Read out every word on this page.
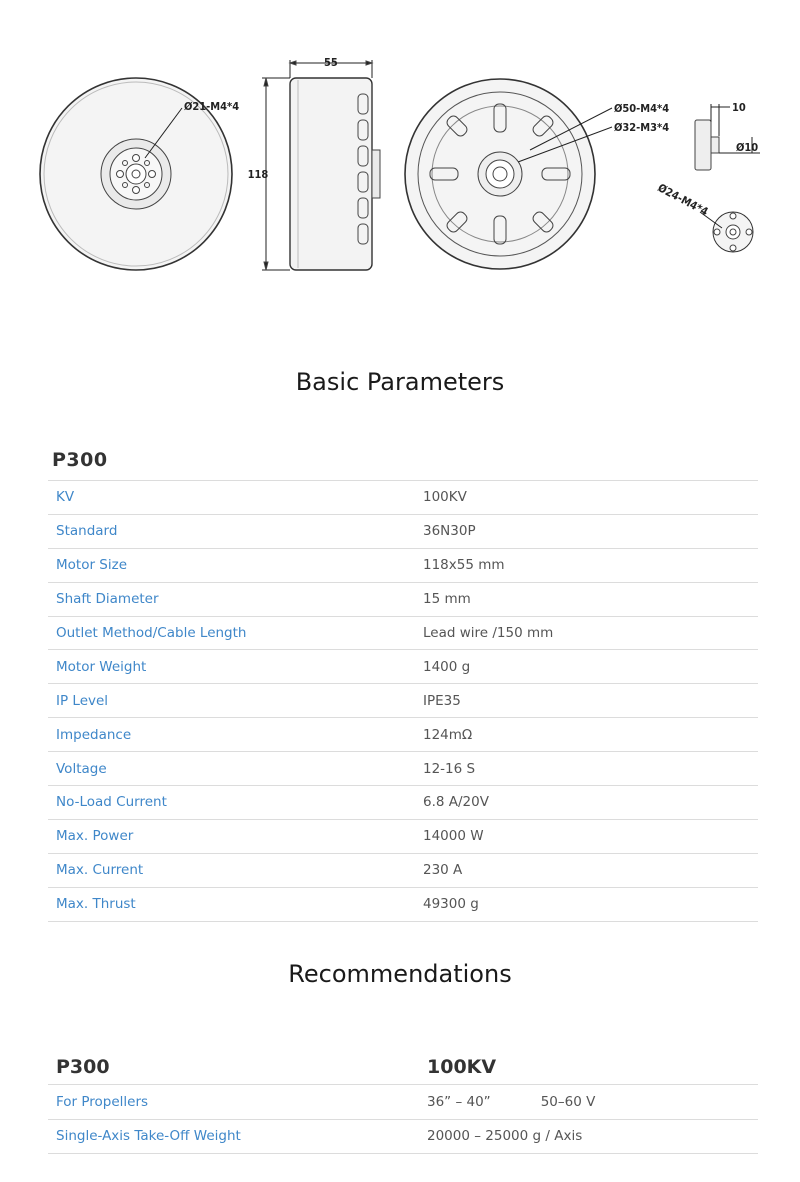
Ø21-M4*4
55
118
Ø50-M4*4
Ø32-M3*4
10
Ø10
Ø24-M4*4
Basic Parameters
P300
KV	100KV
Standard	36N30P
Motor Size	118x55 mm
Shaft Diameter	15 mm
Outlet Method/Cable Length	Lead wire /150 mm
Motor Weight	1400 g
IP Level	IPE35
Impedance	124mΩ
Voltage	12-16 S
No-Load Current	6.8 A/20V
Max. Power	14000 W
Max. Current	230 A
Max. Thrust	49300 g
Recommendations
P300	100KV
For Propellers	36” – 40” 50–60 V
Single-Axis Take-Off Weight	20000 – 25000 g / Axis
